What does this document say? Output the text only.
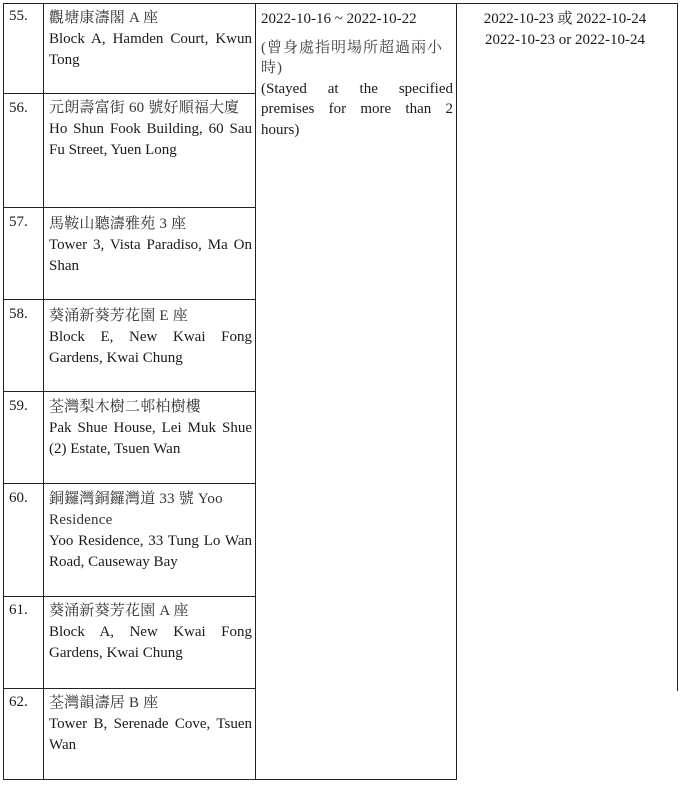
55. 觀塘康濤閣 A 座
Block A, Hamden Court, Kwun Tong
56. 元朗壽富街 60 號好順福大廈
Ho Shun Fook Building, 60 Sau Fu Street, Yuen Long
57. 馬鞍山聽濤雅苑 3 座
Tower 3, Vista Paradiso, Ma On Shan
58. 葵涌新葵芳花園 E 座
Block E, New Kwai Fong Gardens, Kwai Chung
59. 荃灣梨木樹二邨柏樹樓
Pak Shue House, Lei Muk Shue (2) Estate, Tsuen Wan
60. 銅鑼灣銅鑼灣道 33 號 Yoo Residence
Yoo Residence, 33 Tung Lo Wan Road, Causeway Bay
61. 葵涌新葵芳花園 A 座
Block A, New Kwai Fong Gardens, Kwai Chung
62. 荃灣韻濤居 B 座
Tower B, Serenade Cove, Tsuen Wan
2022-10-16 ~ 2022-10-22
(曾身處指明場所超過兩小時)
(Stayed at the specified premises for more than 2 hours)
2022-10-23 或 2022-10-24
2022-10-23 or 2022-10-24
